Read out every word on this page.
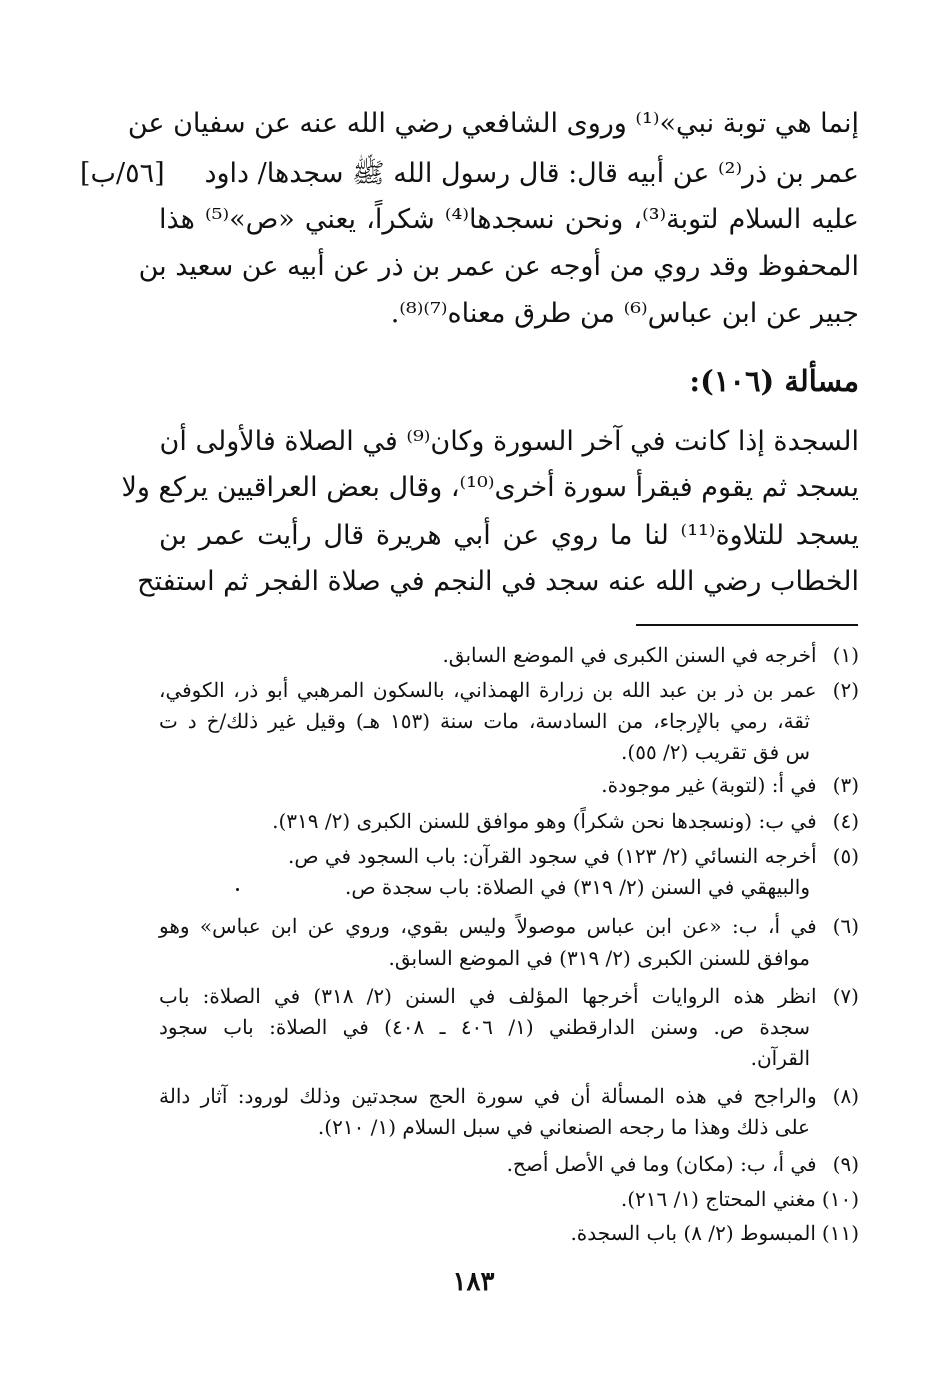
إنما هي توبة نبي»⁽¹⁾ وروى الشافعي رضي الله عنه عن سفيان عن
عمر بن ذر⁽²⁾ عن أبيه قال: قال رسول الله ﷺ سجدها/ داود
[٥٦/ب]
عليه السلام لتوبة⁽³⁾، ونحن نسجدها⁽⁴⁾ شكراً، يعني «ص»⁽⁵⁾ هذا
المحفوظ وقد روي من أوجه عن عمر بن ذر عن أبيه عن سعيد بن
جبير عن ابن عباس⁽⁶⁾ من طرق معناه⁽⁷⁾⁽⁸⁾.
مسألة (١٠٦):
السجدة إذا كانت في آخر السورة وكان⁽⁹⁾ في الصلاة فالأولى أن
يسجد ثم يقوم فيقرأ سورة أخرى⁽¹⁰⁾، وقال بعض العراقيين يركع ولا
يسجد للتلاوة⁽¹¹⁾ لنا ما روي عن أبي هريرة قال رأيت عمر بن
الخطاب رضي الله عنه سجد في النجم في صلاة الفجر ثم استفتح
(١)أخرجه في السنن الكبرى في الموضع السابق.
(٢)عمر بن ذر بن عبد الله بن زرارة الهمذاني، بالسكون المرهبي أبو ذر، الكوفي،
ثقة، رمي بالإرجاء، من السادسة، مات سنة (١٥٣ هـ) وقيل غير ذلك/خ د ت
س فق تقريب (٢/ ٥٥).
(٣)في أ: (لتوبة) غير موجودة.
(٤)في ب: (ونسجدها نحن شكراً) وهو موافق للسنن الكبرى (٢/ ٣١٩).
(٥)أخرجه النسائي (٢/ ١٢٣) في سجود القرآن: باب السجود في ص.
والبيهقي في السنن (٢/ ٣١٩) في الصلاة: باب سجدة ص.
(٦)في أ، ب: «عن ابن عباس موصولاً وليس بقوي، وروي عن ابن عباس» وهو
موافق للسنن الكبرى (٢/ ٣١٩) في الموضع السابق.
(٧)انظر هذه الروايات أخرجها المؤلف في السنن (٢/ ٣١٨) في الصلاة: باب
سجدة ص. وسنن الدارقطني (١/ ٤٠٦ ـ ٤٠٨) في الصلاة: باب سجود
القرآن.
(٨)والراجح في هذه المسألة أن في سورة الحج سجدتين وذلك لورود: آثار دالة
على ذلك وهذا ما رجحه الصنعاني في سبل السلام (١/ ٢١٠).
(٩)في أ، ب: (مكان) وما في الأصل أصح.
(١٠)مغني المحتاج (١/ ٢١٦).
(١١)المبسوط (٢/ ٨) باب السجدة.
١٨٣
